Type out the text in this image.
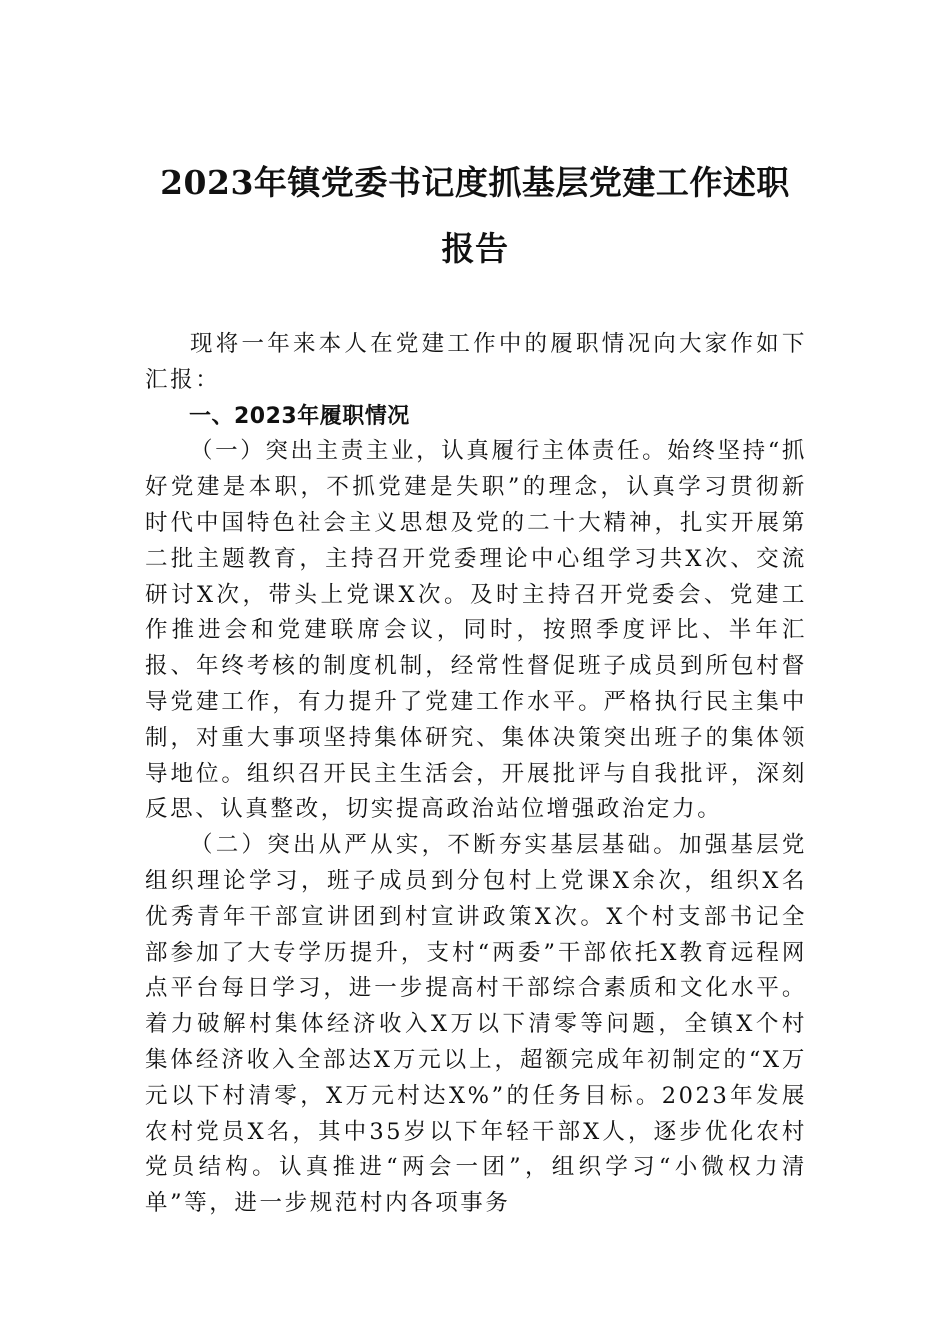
2023年镇党委书记度抓基层党建工作述职
报告

现将一年来本人在党建工作中的履职情况向大家作如下汇报：

一、2023年履职情况

（一）突出主责主业，认真履行主体责任。始终坚持“抓好党建是本职，不抓党建是失职”的理念，认真学习贯彻新时代中国特色社会主义思想及党的二十大精神，扎实开展第二批主题教育，主持召开党委理论中心组学习共X次、交流研讨X次，带头上党课X次。及时主持召开党委会、党建工作推进会和党建联席会议，同时，按照季度评比、半年汇报、年终考核的制度机制，经常性督促班子成员到所包村督导党建工作，有力提升了党建工作水平。严格执行民主集中制，对重大事项坚持集体研究、集体决策突出班子的集体领导地位。组织召开民主生活会，开展批评与自我批评，深刻反思、认真整改，切实提高政治站位增强政治定力。

（二）突出从严从实，不断夯实基层基础。加强基层党组织理论学习，班子成员到分包村上党课X余次，组织X名优秀青年干部宣讲团到村宣讲政策X次。X个村支部书记全部参加了大专学历提升，支村“两委”干部依托X教育远程网点平台每日学习，进一步提高村干部综合素质和文化水平。着力破解村集体经济收入X万以下清零等问题，全镇X个村集体经济收入全部达X万元以上，超额完成年初制定的“X万元以下村清零，X万元村达X%”的任务目标。2023年发展农村党员X名，其中35岁以下年轻干部X人，逐步优化农村党员结构。认真推进“两会一团”，组织学习“小微权力清单”等，进一步规范村内各项事务
